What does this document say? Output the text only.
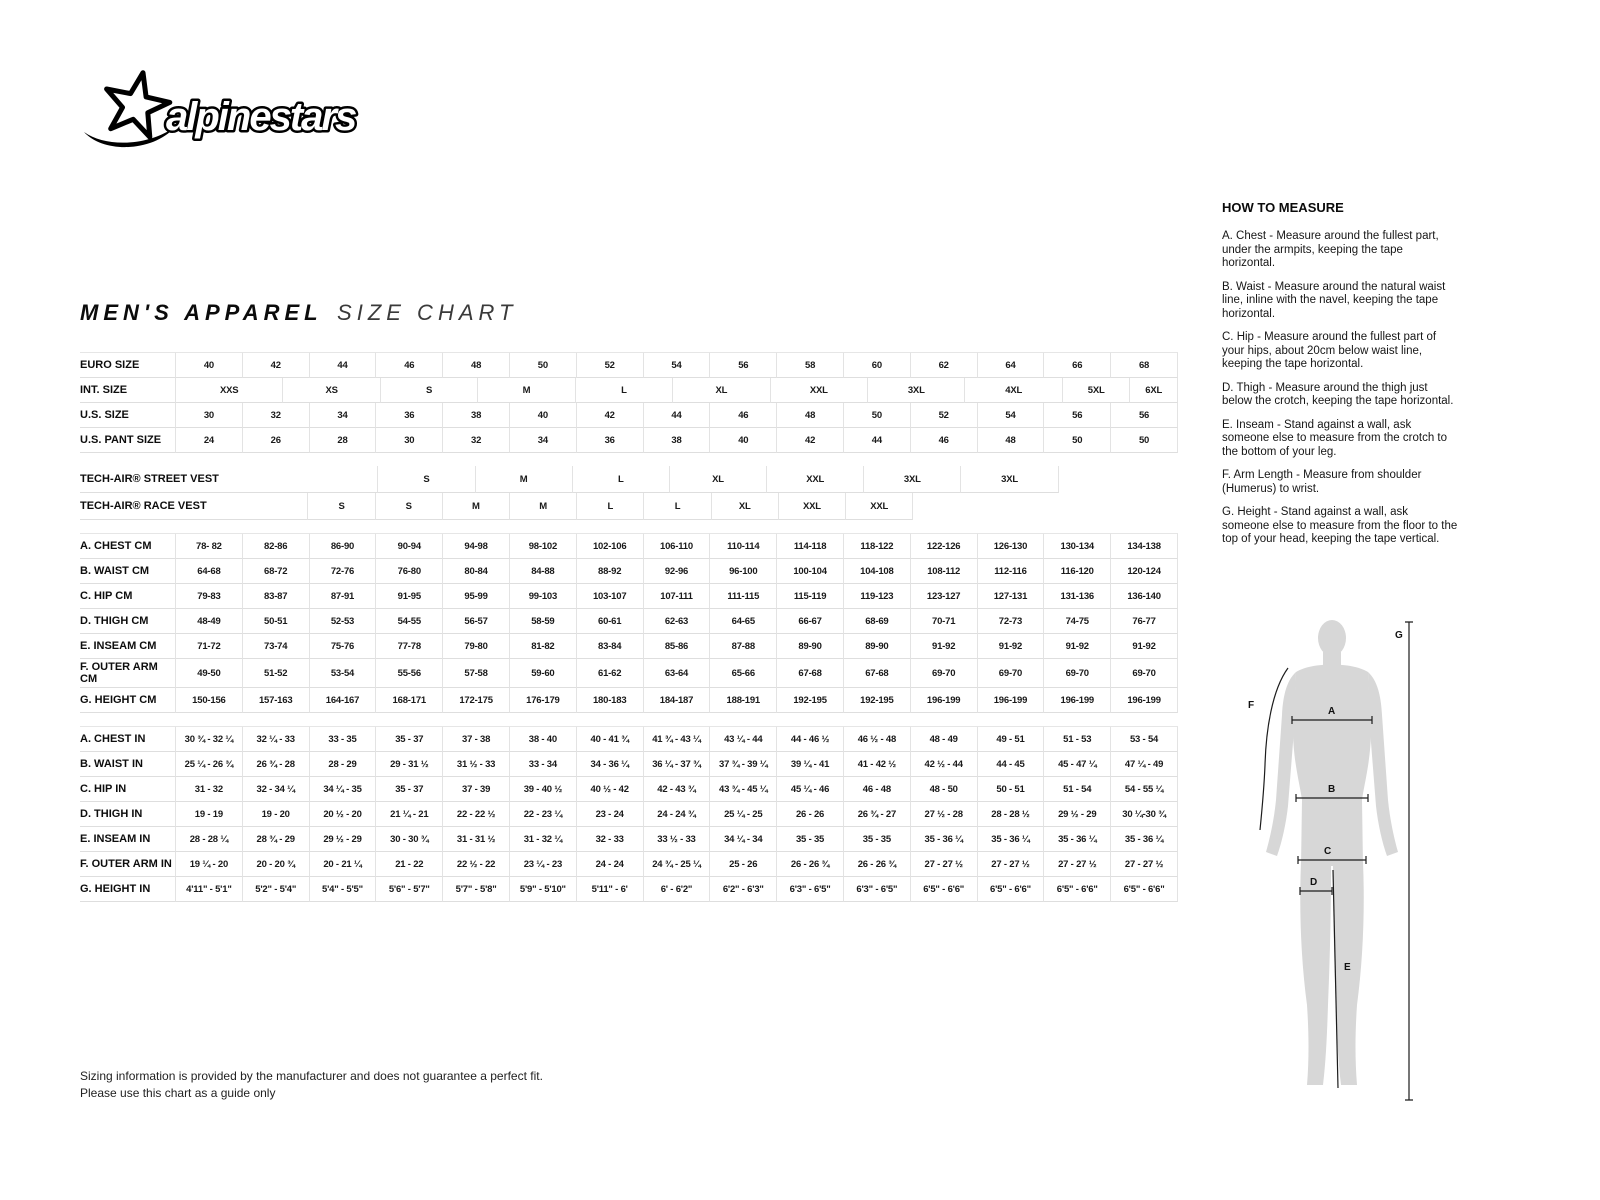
alpinestars
MEN'S APPAREL SIZE CHART
EURO SIZE	40	42	44	46	48	50	52	54	56	58	60	62	64	66	68
INT. SIZE	XXS	XS	S	M	L	XL	XXL	3XL	4XL	5XL	6XL
U.S. SIZE	30	32	34	36	38	40	42	44	46	48	50	52	54	56	56
U.S. PANT SIZE	24	26	28	30	32	34	36	38	40	42	44	46	48	50	50
TECH-AIR® STREET VEST	S	M	L	XL	XXL	3XL	3XL
TECH-AIR® RACE VEST	S	S	M	M	L	L	XL	XXL	XXL
A. CHEST CM	78- 82	82-86	86-90	90-94	94-98	98-102	102-106	106-110	110-114	114-118	118-122	122-126	126-130	130-134	134-138
B. WAIST CM	64-68	68-72	72-76	76-80	80-84	84-88	88-92	92-96	96-100	100-104	104-108	108-112	112-116	116-120	120-124
C. HIP CM	79-83	83-87	87-91	91-95	95-99	99-103	103-107	107-111	111-115	115-119	119-123	123-127	127-131	131-136	136-140
D. THIGH CM	48-49	50-51	52-53	54-55	56-57	58-59	60-61	62-63	64-65	66-67	68-69	70-71	72-73	74-75	76-77
E. INSEAM CM	71-72	73-74	75-76	77-78	79-80	81-82	83-84	85-86	87-88	89-90	89-90	91-92	91-92	91-92	91-92
F. OUTER ARM CM	49-50	51-52	53-54	55-56	57-58	59-60	61-62	63-64	65-66	67-68	67-68	69-70	69-70	69-70	69-70
G. HEIGHT CM	150-156	157-163	164-167	168-171	172-175	176-179	180-183	184-187	188-191	192-195	192-195	196-199	196-199	196-199	196-199
A. CHEST IN	30 ¾ - 32 ¼	32 ¼ - 33	33 - 35	35 - 37	37 - 38	38 - 40	40 - 41 ¾	41 ¾ - 43 ¼	43 ¼ - 44	44 - 46 ½	46 ½ - 48	48 - 49	49 - 51	51 - 53	53 - 54
B. WAIST IN	25 ¼ - 26 ¾	26 ¾ - 28	28 - 29	29 - 31 ½	31 ½ - 33	33 - 34	34 - 36 ¼	36 ¼ - 37 ¾	37 ¾ - 39 ¼	39 ¼ - 41	41 - 42 ½	42 ½ - 44	44 - 45	45 - 47 ¼	47 ¼ - 49
C. HIP IN	31 - 32	32 - 34 ¼	34 ¼ - 35	35 - 37	37 - 39	39 - 40 ½	40 ½ - 42	42 - 43 ¾	43 ¾ - 45 ¼	45 ¼ - 46	46 - 48	48 - 50	50 - 51	51 - 54	54 - 55 ¼
D. THIGH IN	19 - 19	19 - 20	20 ½ - 20	21 ¼ - 21	22 - 22 ½	22 - 23 ¼	23 - 24	24 - 24 ¾	25 ¼ - 25	26 - 26	26 ¾ - 27	27 ½ - 28	28 - 28 ½	29 ½ - 29	30 ¼-30 ¾
E. INSEAM IN	28 - 28 ¼	28 ¾ - 29	29 ½ - 29	30 - 30 ¾	31 - 31 ½	31 - 32 ¼	32 - 33	33 ½ - 33	34 ¼ - 34	35 - 35	35 - 35	35 - 36 ¼	35 - 36 ¼	35 - 36 ¼	35 - 36 ¼
F. OUTER ARM IN	19 ¼ - 20	20 - 20 ¾	20 - 21 ¼	21 - 22	22 ½ - 22	23 ¼ - 23	24 - 24	24 ¾ - 25 ¼	25 - 26	26 - 26 ¾	26 - 26 ¾	27 - 27 ½	27 - 27 ½	27 - 27 ½	27 - 27 ½
G. HEIGHT IN	4'11" - 5'1"	5'2" - 5'4"	5'4" - 5'5"	5'6" - 5'7"	5'7" - 5'8"	5'9" - 5'10"	5'11" - 6'	6' - 6'2"	6'2" - 6'3"	6'3" - 6'5"	6'3" - 6'5"	6'5" - 6'6"	6'5" - 6'6"	6'5" - 6'6"	6'5" - 6'6"
HOW TO MEASURE
A. Chest - Measure around the fullest part, under the armpits, keeping the tape horizontal.
B. Waist - Measure around the natural waist line, inline with the navel, keeping the tape horizontal.
C. Hip - Measure around the fullest part of your hips, about 20cm below waist line, keeping the tape horizontal.
D. Thigh - Measure around the thigh just below the crotch, keeping the tape horizontal.
E. Inseam - Stand against a wall, ask someone else to measure from the crotch to the bottom of your leg.
F. Arm Length - Measure from shoulder (Humerus) to wrist.
G. Height - Stand against a wall, ask someone else to measure from the floor to the top of your head, keeping the tape vertical.
A
B
C
D
E
F
G
Sizing information is provided by the manufacturer and does not guarantee a perfect fit.
Please use this chart as a guide only
